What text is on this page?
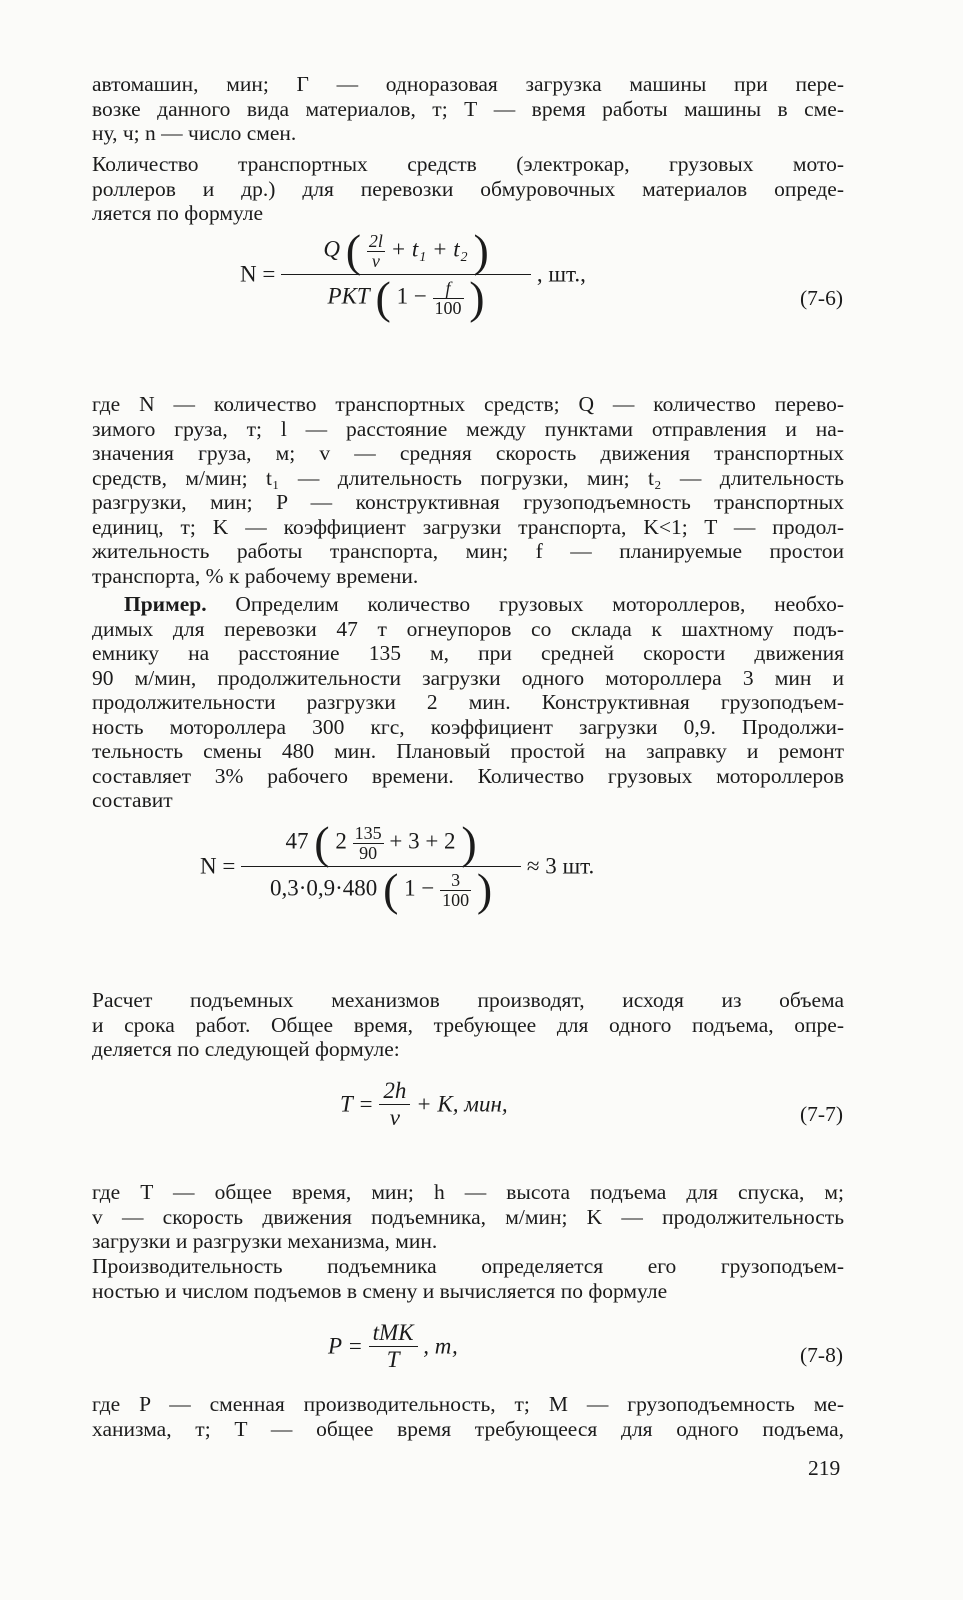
автомашин, мин; Г — одноразовая загрузка машины при пере-
возке данного вида материалов, т; Т — время работы машины в сме-
ну, ч; n — число смен.

Количество транспортных средств (электрокар, грузовых мото-
роллеров и др.) для перевозки обмуровочных материалов опреде-
ляется по формуле

N =
Q ( $\frac{2l}{v} + t_1 + t_2$ )
PKT ( $1 - \frac{f}{100}$ )	, шт.,
(7-6)

где N — количество транспортных средств; Q — количество перево-
зимого груза, т; l — расстояние между пунктами отправления и на-
значения груза, м; v — средняя скорость движения транспортных
средств, м/мин; t₁ — длительность погрузки, мин; t₂ — длительность
разгрузки, мин; P — конструктивная грузоподъемность транспортных
единиц, т; K — коэффициент загрузки транспорта, K<1; T — продол-
жительность работы транспорта, мин; f — планируемые простои
транспорта, % к рабочему времени.

Пример. Определим количество грузовых мотороллеров, необхо-
димых для перевозки 47 т огнеупоров со склада к шахтному подъ-
емнику на расстояние 135 м, при средней скорости движения
90 м/мин, продолжительности загрузки одного мотороллера 3 мин и
продолжительности разгрузки 2 мин. Конструктивная грузоподъем-
ность мотороллера 300 кгс, коэффициент загрузки 0,9. Продолжи-
тельность смены 480 мин. Плановый простой на заправку и ремонт
составляет 3% рабочего времени. Количество грузовых мотороллеров
составит

N =
47 ( $2 \frac{135}{90} + 3 + 2$ )
0,3·0,9·480 ( $1 - \frac{3}{100}$ )	≈ 3 шт.

Расчет подъемных механизмов производят, исходя из объема
и срока работ. Общее время, требующее для одного подъема, опре-
деляется по следующей формуле:

$T = \frac{2h}{v} + K$, мин,	(7-7)

где T — общее время, мин; h — высота подъема для спуска, м;
v — скорость движения подъемника, м/мин; K — продолжительность
загрузки и разгрузки механизма, мин.

Производительность подъемника определяется его грузоподъем-
ностью и числом подъемов в смену и вычисляется по формуле

$P = \frac{\text{tMK}}{T}$ , т,	(7-8)

где P — сменная производительность, т; M — грузоподъемность ме-
ханизма, т; T — общее время требующееся для одного подъема,

219
